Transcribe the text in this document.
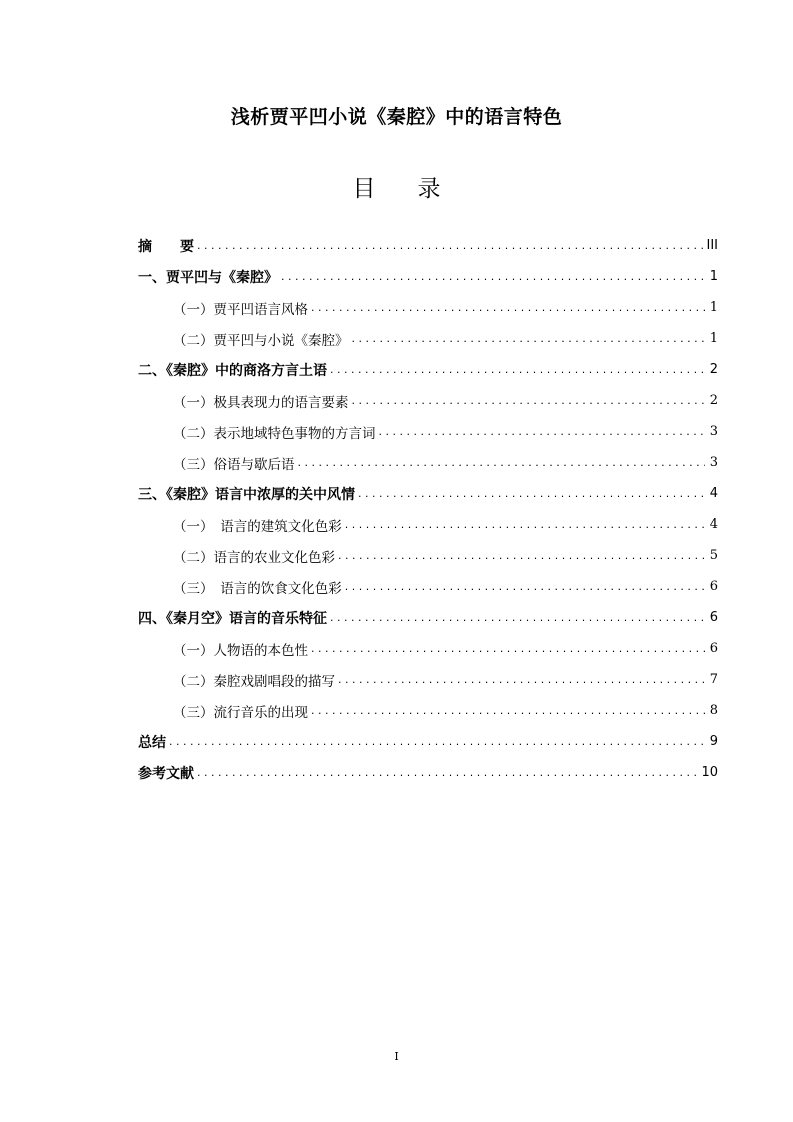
浅析贾平凹小说《秦腔》中的语言特色
目 录
摘　　要 . . .	III
一、贾平凹与《秦腔》 . . .	1
（一）贾平凹语言风格 . . .	1
（二）贾平凹与小说《秦腔》 . . .	1
二、《秦腔》中的商洛方言土语 . . .	2
（一）极具表现力的语言要素 . . .	2
（二）表示地域特色事物的方言词 . . .	3
（三）俗语与歇后语 . . .	3
三、《秦腔》语言中浓厚的关中风情 . . .	4
（一）　语言的建筑文化色彩 . . .	4
（二）语言的农业文化色彩 . . .	5
（三）　语言的饮食文化色彩 . . .	6
四、《秦月空》语言的音乐特征 . . .	6
（一）人物语的本色性 . . .	6
（二）秦腔戏剧唱段的描写 . . .	7
（三）流行音乐的出现 . . .	8
总结 . . .	9
参考文献 . . .	10
I
